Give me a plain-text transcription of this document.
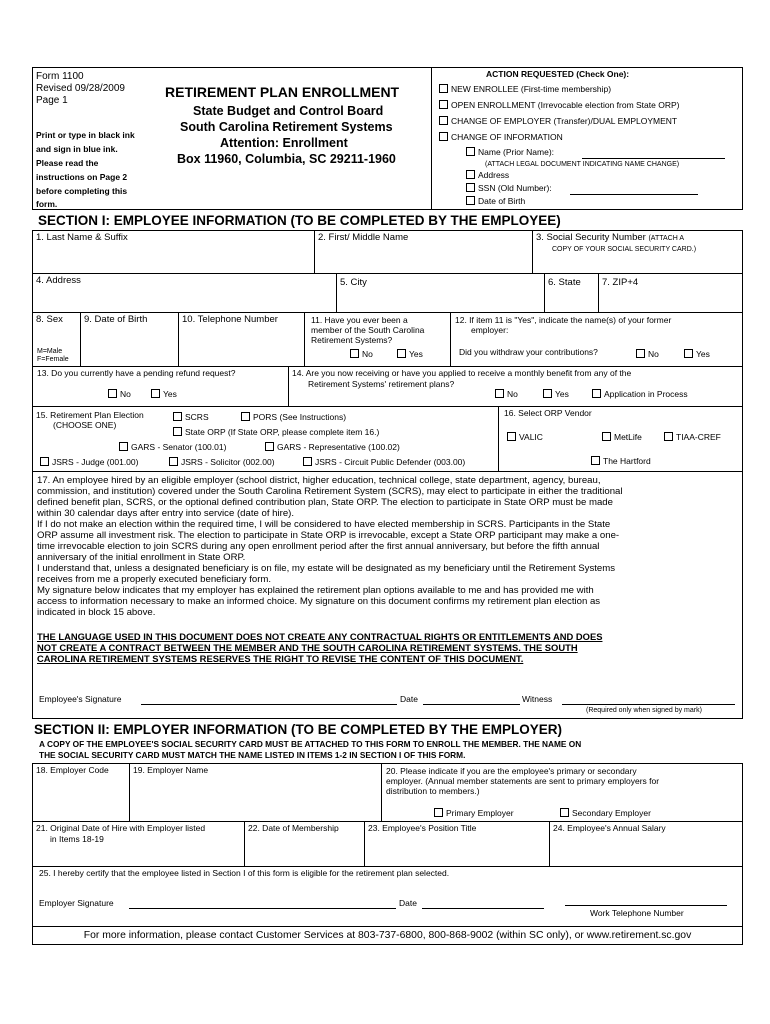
Form 1100
Revised 09/28/2009
Page 1
Print or type in black ink
and sign in blue ink.
Please read the
instructions on Page 2
before completing this
form.
RETIREMENT PLAN ENROLLMENT
State Budget and Control Board
South Carolina Retirement Systems
Attention: Enrollment
Box 11960, Columbia, SC 29211-1960
ACTION REQUESTED (Check One):
NEW ENROLLEE (First-time membership)
OPEN ENROLLMENT (Irrevocable election from State ORP)
CHANGE OF EMPLOYER (Transfer)/DUAL EMPLOYMENT
CHANGE OF INFORMATION
Name (Prior Name):
(ATTACH LEGAL DOCUMENT INDICATING NAME CHANGE)
Address
SSN (Old Number):
Date of Birth
SECTION I: EMPLOYEE INFORMATION (TO BE COMPLETED BY THE EMPLOYEE)
1. Last Name & Suffix	2. First/ Middle Name	3. Social Security Number (ATTACH A
COPY OF YOUR SOCIAL SECURITY CARD.)
4. Address	5. City	6. State	7. ZIP+4
8. Sex
M=Male
F=Female
9. Date of Birth	10. Telephone Number	11. Have you ever been a
member of the South Carolina
Retirement Systems?
No	Yes
12. If item 11 is "Yes", indicate the name(s) of your former
employer:
Did you withdraw your contributions?	No	Yes
13. Do you currently have a pending refund request?
No	Yes
14. Are you now receiving or have you applied to receive a monthly benefit from any of the
Retirement Systems' retirement plans?
No	Yes	Application in Process
15. Retirement Plan Election
(CHOOSE ONE)
SCRS	PORS (See Instructions)
State ORP (If State ORP, please complete item 16.)
GARS - Senator (100.01)	GARS - Representative (100.02)
JSRS - Judge (001.00)	JSRS - Solicitor (002.00)	JSRS - Circuit Public Defender (003.00)
16. Select ORP Vendor
VALIC	MetLife	TIAA-CREF
The Hartford
17. An employee hired by an eligible employer (school district, higher education, technical college, state department, agency, bureau,
commission, and institution) covered under the South Carolina Retirement System (SCRS), may elect to participate in either the traditional
defined benefit plan, SCRS, or the optional defined contribution plan, State ORP. The election to participate in State ORP must be made
within 30 calendar days after entry into service (date of hire).
If I do not make an election within the required time, I will be considered to have elected membership in SCRS. Participants in the State
ORP assume all investment risk. The election to participate in State ORP is irrevocable, except a State ORP participant may make a one-
time irrevocable election to join SCRS during any open enrollment period after the first annual anniversary, but before the fifth annual
anniversary of the initial enrollment in State ORP.
I understand that, unless a designated beneficiary is on file, my estate will be designated as my beneficiary until the Retirement Systems
receives from me a properly executed beneficiary form.
My signature below indicates that my employer has explained the retirement plan options available to me and has provided me with
access to information necessary to make an informed choice. My signature on this document confirms my retirement plan election as
indicated in block 15 above.
THE LANGUAGE USED IN THIS DOCUMENT DOES NOT CREATE ANY CONTRACTUAL RIGHTS OR ENTITLEMENTS AND DOES
NOT CREATE A CONTRACT BETWEEN THE MEMBER AND THE SOUTH CAROLINA RETIREMENT SYSTEMS. THE SOUTH
CAROLINA RETIREMENT SYSTEMS RESERVES THE RIGHT TO REVISE THE CONTENT OF THIS DOCUMENT.
Employee's Signature	Date	Witness
(Required only when signed by mark)
SECTION II: EMPLOYER INFORMATION (TO BE COMPLETED BY THE EMPLOYER)
A COPY OF THE EMPLOYEE'S SOCIAL SECURITY CARD MUST BE ATTACHED TO THIS FORM TO ENROLL THE MEMBER. THE NAME ON
THE SOCIAL SECURITY CARD MUST MATCH THE NAME LISTED IN ITEMS 1-2 IN SECTION I OF THIS FORM.
18. Employer Code	19. Employer Name	20. Please indicate if you are the employee's primary or secondary
employer. (Annual member statements are sent to primary employers for
distribution to members.)
Primary Employer	Secondary Employer
21. Original Date of Hire with Employer listed
in Items 18-19
22. Date of Membership	23. Employee's Position Title	24. Employee's Annual Salary
25. I hereby certify that the employee listed in Section I of this form is eligible for the retirement plan selected.
Employer Signature	Date
Work Telephone Number
For more information, please contact Customer Services at 803-737-6800, 800-868-9002 (within SC only), or www.retirement.sc.gov
